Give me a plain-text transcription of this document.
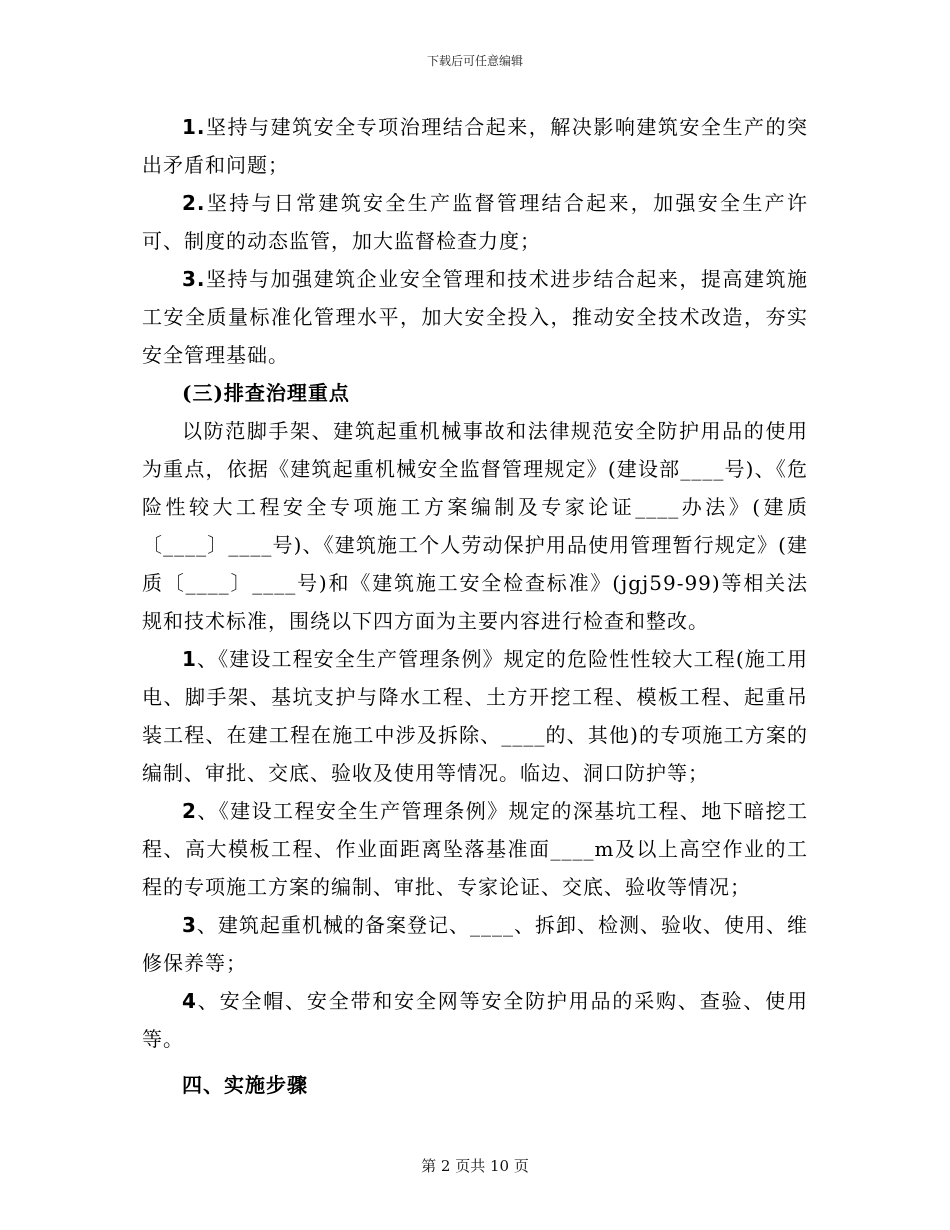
下载后可任意编辑

1.坚持与建筑安全专项治理结合起来，解决影响建筑安全生产的突出矛盾和问题；

2.坚持与日常建筑安全生产监督管理结合起来，加强安全生产许可、制度的动态监管，加大监督检查力度；

3.坚持与加强建筑企业安全管理和技术进步结合起来，提高建筑施工安全质量标准化管理水平，加大安全投入，推动安全技术改造，夯实安全管理基础。

(三)排查治理重点

以防范脚手架、建筑起重机械事故和法律规范安全防护用品的使用为重点，依据《建筑起重机械安全监督管理规定》(建设部____号)、《危险性较大工程安全专项施工方案编制及专家论证____办法》(建质〔____〕____号)、《建筑施工个人劳动保护用品使用管理暂行规定》(建质〔____〕____号)和《建筑施工安全检查标准》(jgj59-99)等相关法规和技术标准，围绕以下四方面为主要内容进行检查和整改。

1、《建设工程安全生产管理条例》规定的危险性性较大工程(施工用电、脚手架、基坑支护与降水工程、土方开挖工程、模板工程、起重吊装工程、在建工程在施工中涉及拆除、____的、其他)的专项施工方案的编制、审批、交底、验收及使用等情况。临边、洞口防护等；

2、《建设工程安全生产管理条例》规定的深基坑工程、地下暗挖工程、高大模板工程、作业面距离坠落基准面____m及以上高空作业的工程的专项施工方案的编制、审批、专家论证、交底、验收等情况；

3、建筑起重机械的备案登记、____、拆卸、检测、验收、使用、维修保养等；

4、安全帽、安全带和安全网等安全防护用品的采购、查验、使用等。

四、实施步骤

第 2 页共 10 页
